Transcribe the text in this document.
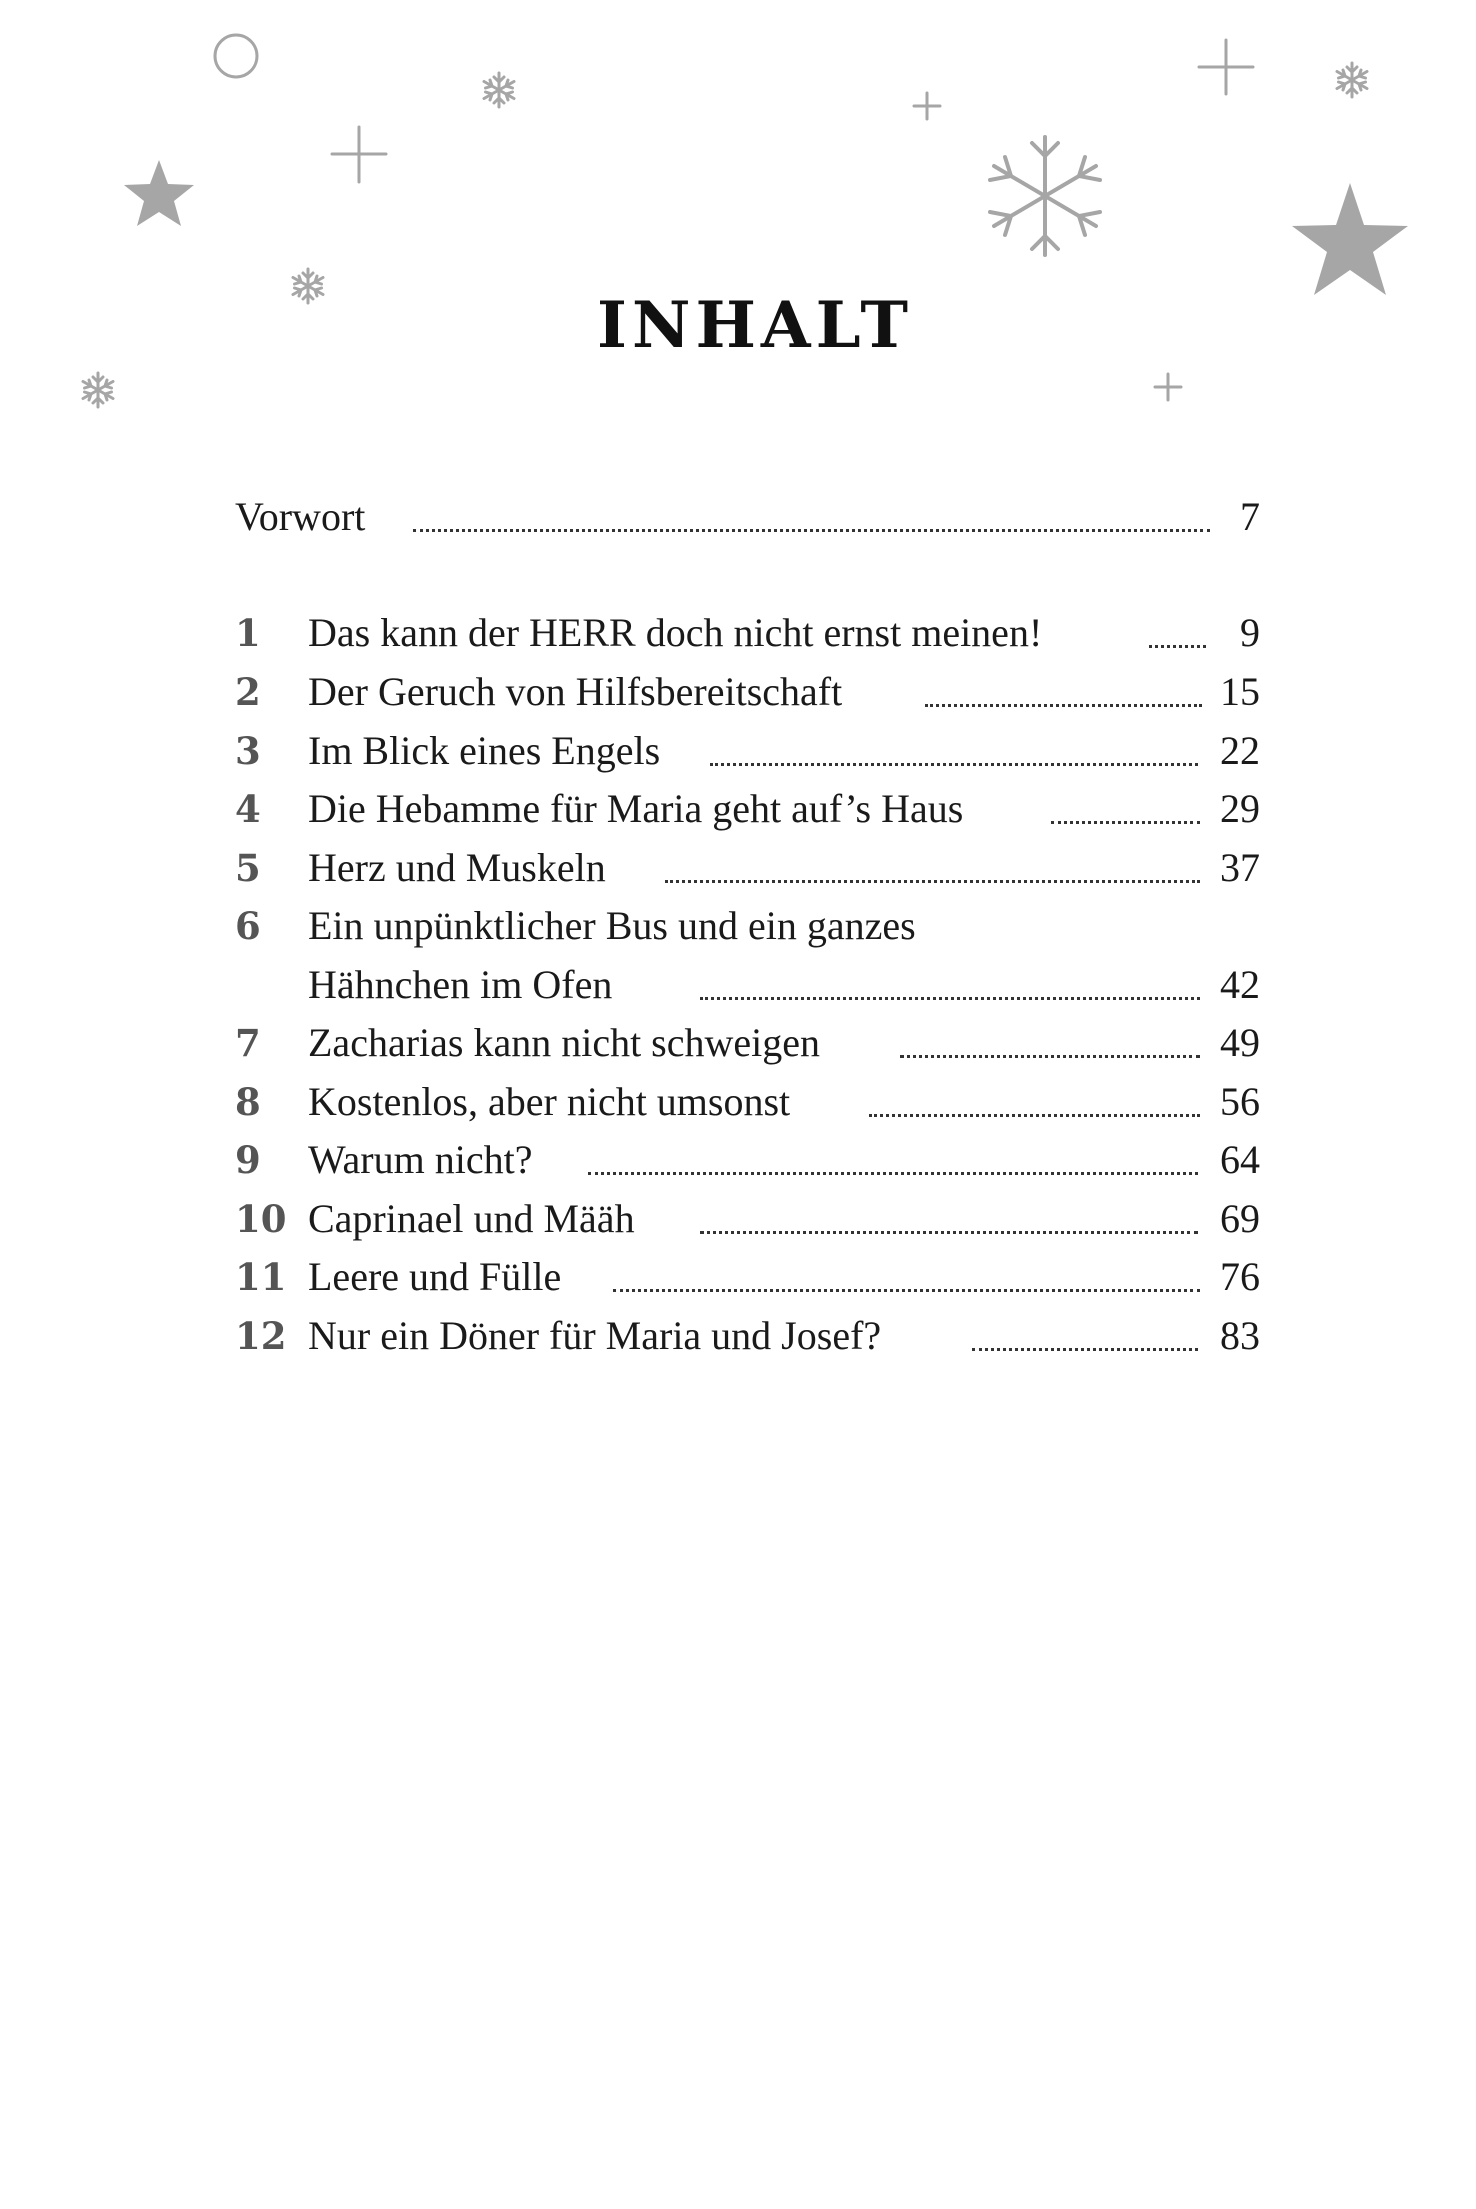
INHALT
Vorwort	7
1	Das kann der HERR doch nicht ernst meinen!	9
2	Der Geruch von Hilfsbereitschaft	15
3	Im Blick eines Engels	22
4	Die Hebamme für Maria geht auf’s Haus	29
5	Herz und Muskeln	37
6	Ein unpünktlicher Bus und ein ganzes
Hähnchen im Ofen	42
7	Zacharias kann nicht schweigen	49
8	Kostenlos, aber nicht umsonst	56
9	Warum nicht?	64
10 Caprinael und Määh	69
11 Leere und Fülle	76
12 Nur ein Döner für Maria und Josef?	83
